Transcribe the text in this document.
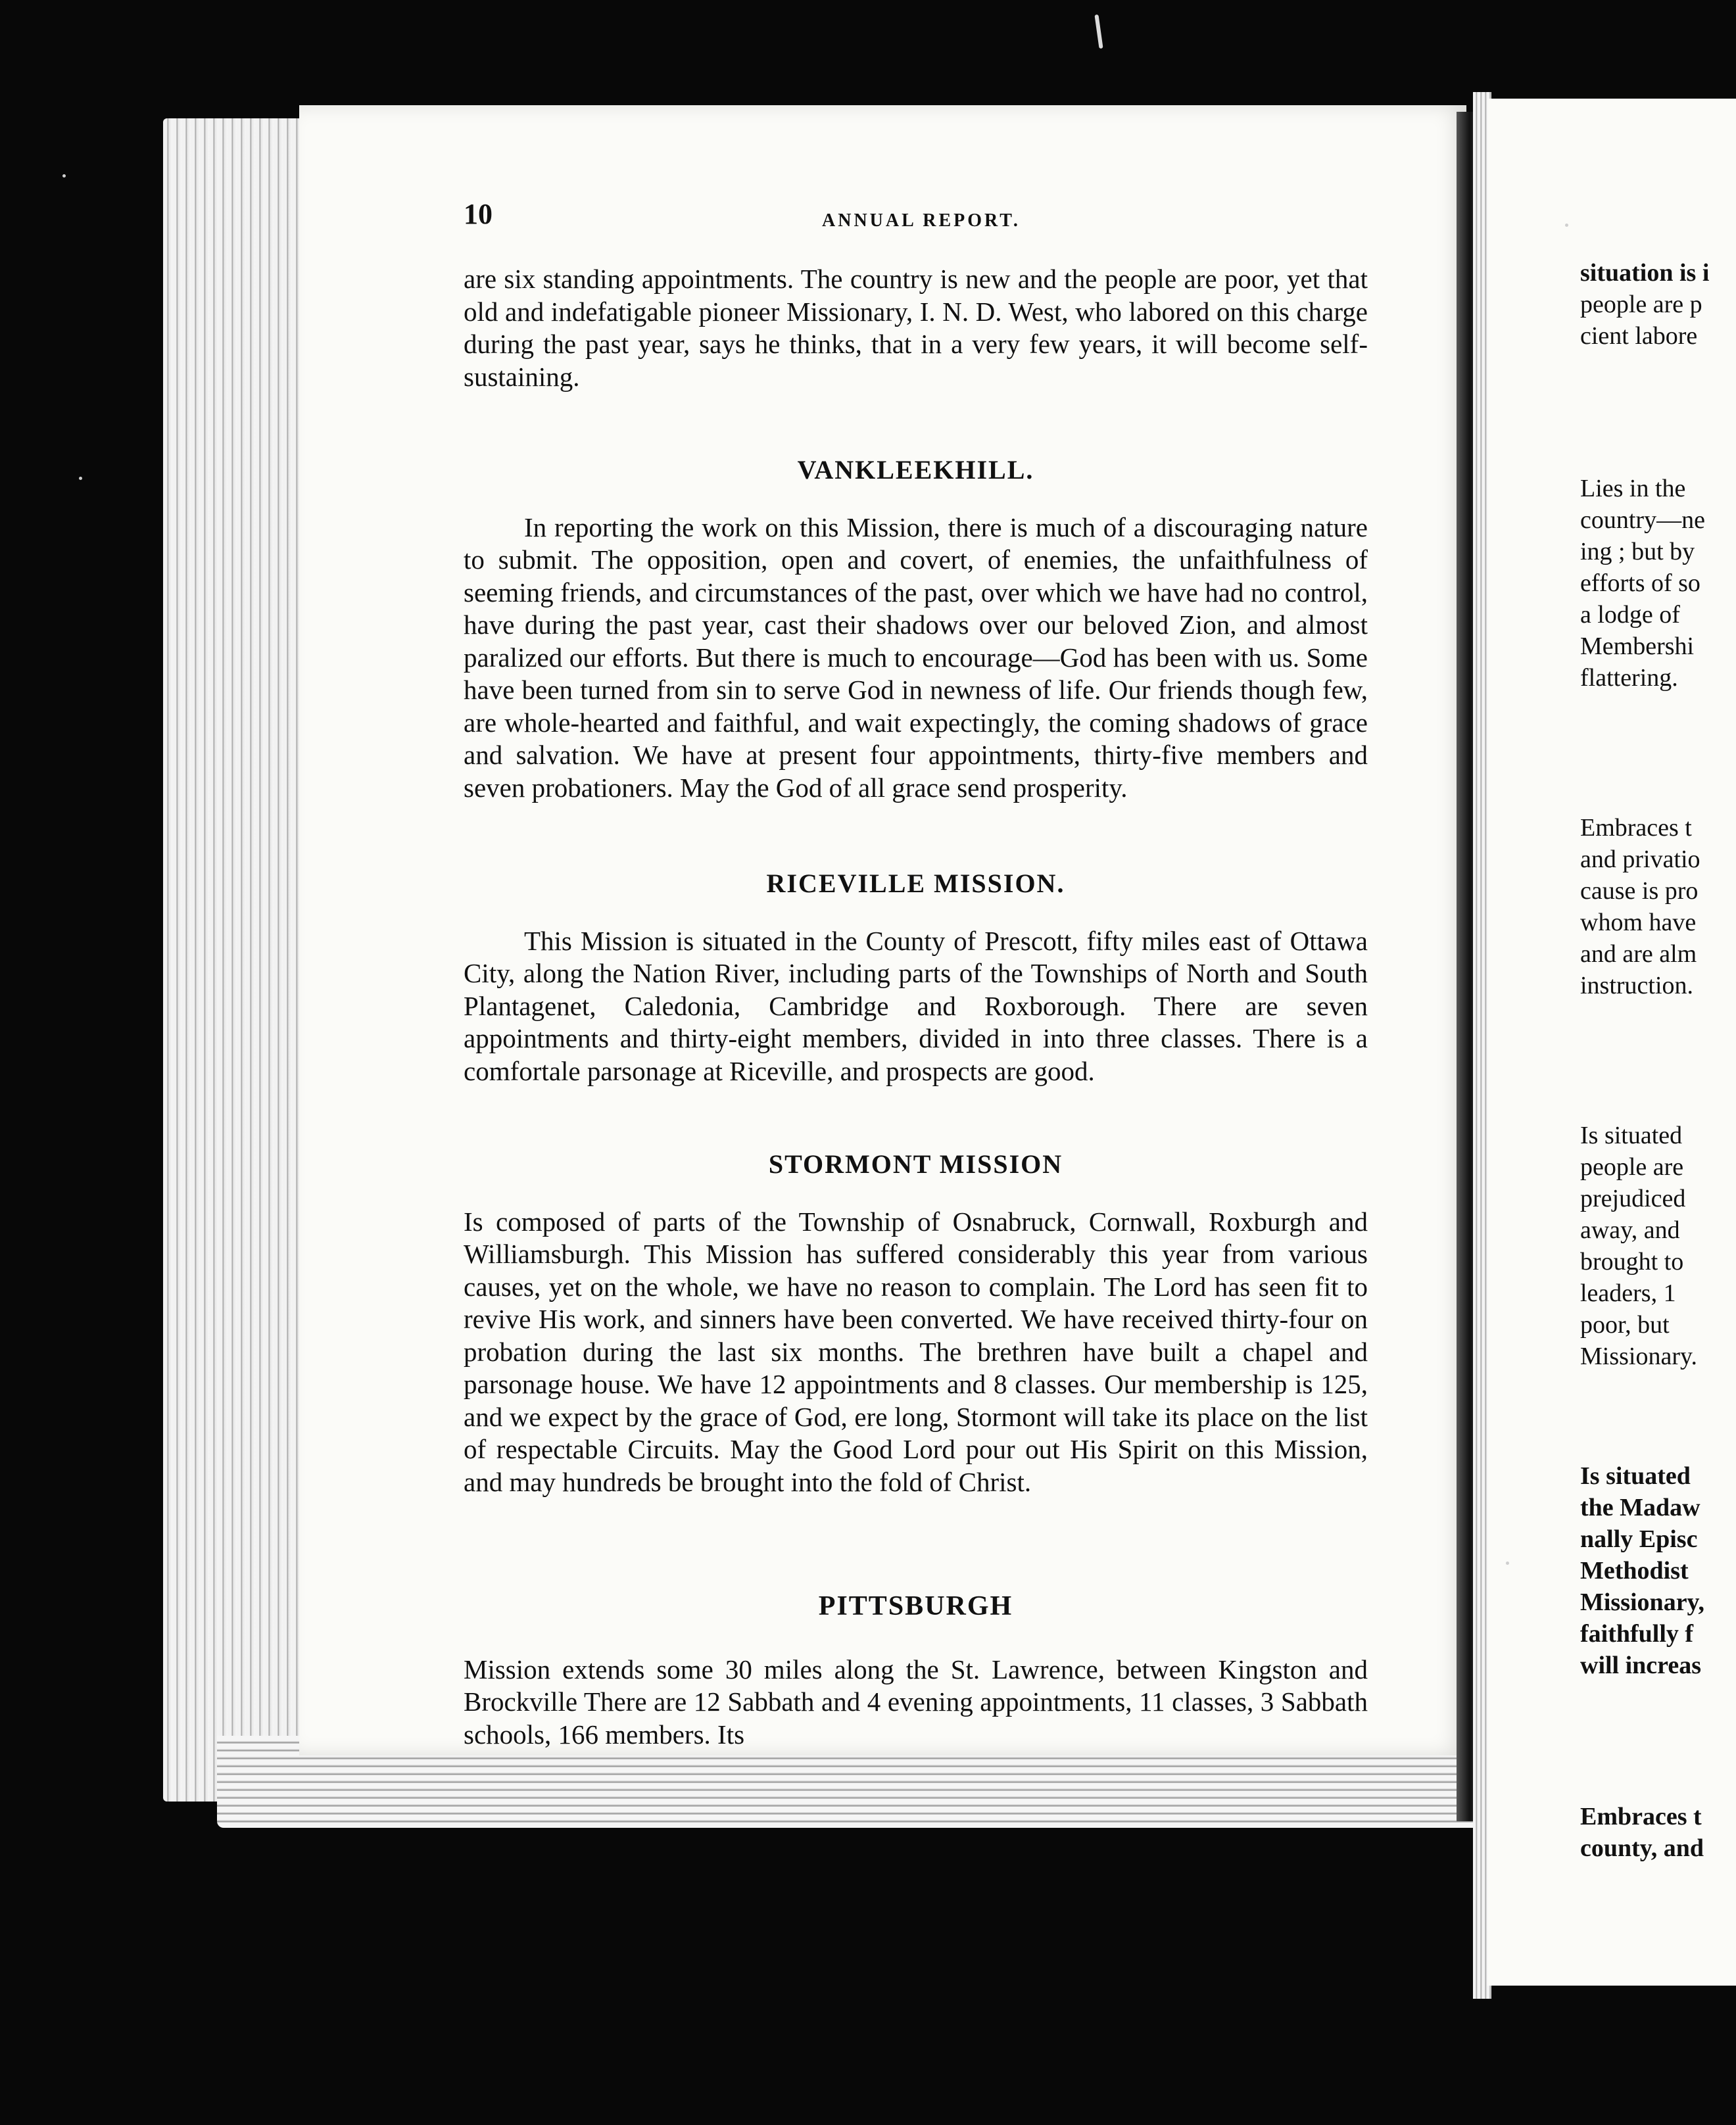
10	ANNUAL REPORT.

are six standing appointments. The country is new and the people are poor, yet that old and indefatigable pioneer Missionary, I. N. D. West, who labored on this charge during the past year, says he thinks, that in a very few years, it will become self-sustaining.

VANKLEEKHILL.

In reporting the work on this Mission, there is much of a discouraging nature to submit. The opposition, open and covert, of enemies, the unfaithfulness of seeming friends, and circumstances of the past, over which we have had no control, have during the past year, cast their shadows over our beloved Zion, and almost paralized our efforts. But there is much to encourage—God has been with us. Some have been turned from sin to serve God in newness of life. Our friends though few, are whole-hearted and faithful, and wait expectingly, the coming shadows of grace and salvation. We have at present four appointments, thirty-five members and seven probationers. May the God of all grace send prosperity.

RICEVILLE MISSION.

This Mission is situated in the County of Prescott, fifty miles east of Ottawa City, along the Nation River, including parts of the Townships of North and South Plantagenet, Caledonia, Cambridge and Roxborough. There are seven appointments and thirty-eight members, divided in into three classes. There is a comfortale parsonage at Riceville, and prospects are good.

STORMONT MISSION

Is composed of parts of the Township of Osnabruck, Cornwall, Roxburgh and Williamsburgh. This Mission has suffered considerably this year from various causes, yet on the whole, we have no reason to complain. The Lord has seen fit to revive His work, and sinners have been converted. We have received thirty-four on probation during the last six months. The brethren have built a chapel and parsonage house. We have 12 appointments and 8 classes. Our membership is 125, and we expect by the grace of God, ere long, Stormont will take its place on the list of respectable Circuits. May the Good Lord pour out His Spirit on this Mission, and may hundreds be brought into the fold of Christ.

PITTSBURGH

Mission extends some 30 miles along the St. Lawrence, between Kingston and Brockville There are 12 Sabbath and 4 evening appointments, 11 classes, 3 Sabbath schools, 166 members. Its

situation is i
people are p
cient labore
Lies in the
country—ne
ing ; but by
efforts of so
a lodge of
Membershi
flattering.
Embraces t
and privatio
cause is pro
whom have
and are alm
instruction.
Is situated
people are
prejudiced
away, and
brought to
leaders, 1
poor, but
Missionary.
Is situated
the Madaw
nally Episc
Methodist
Missionary,
faithfully f
will increas
Embraces t
county, and
